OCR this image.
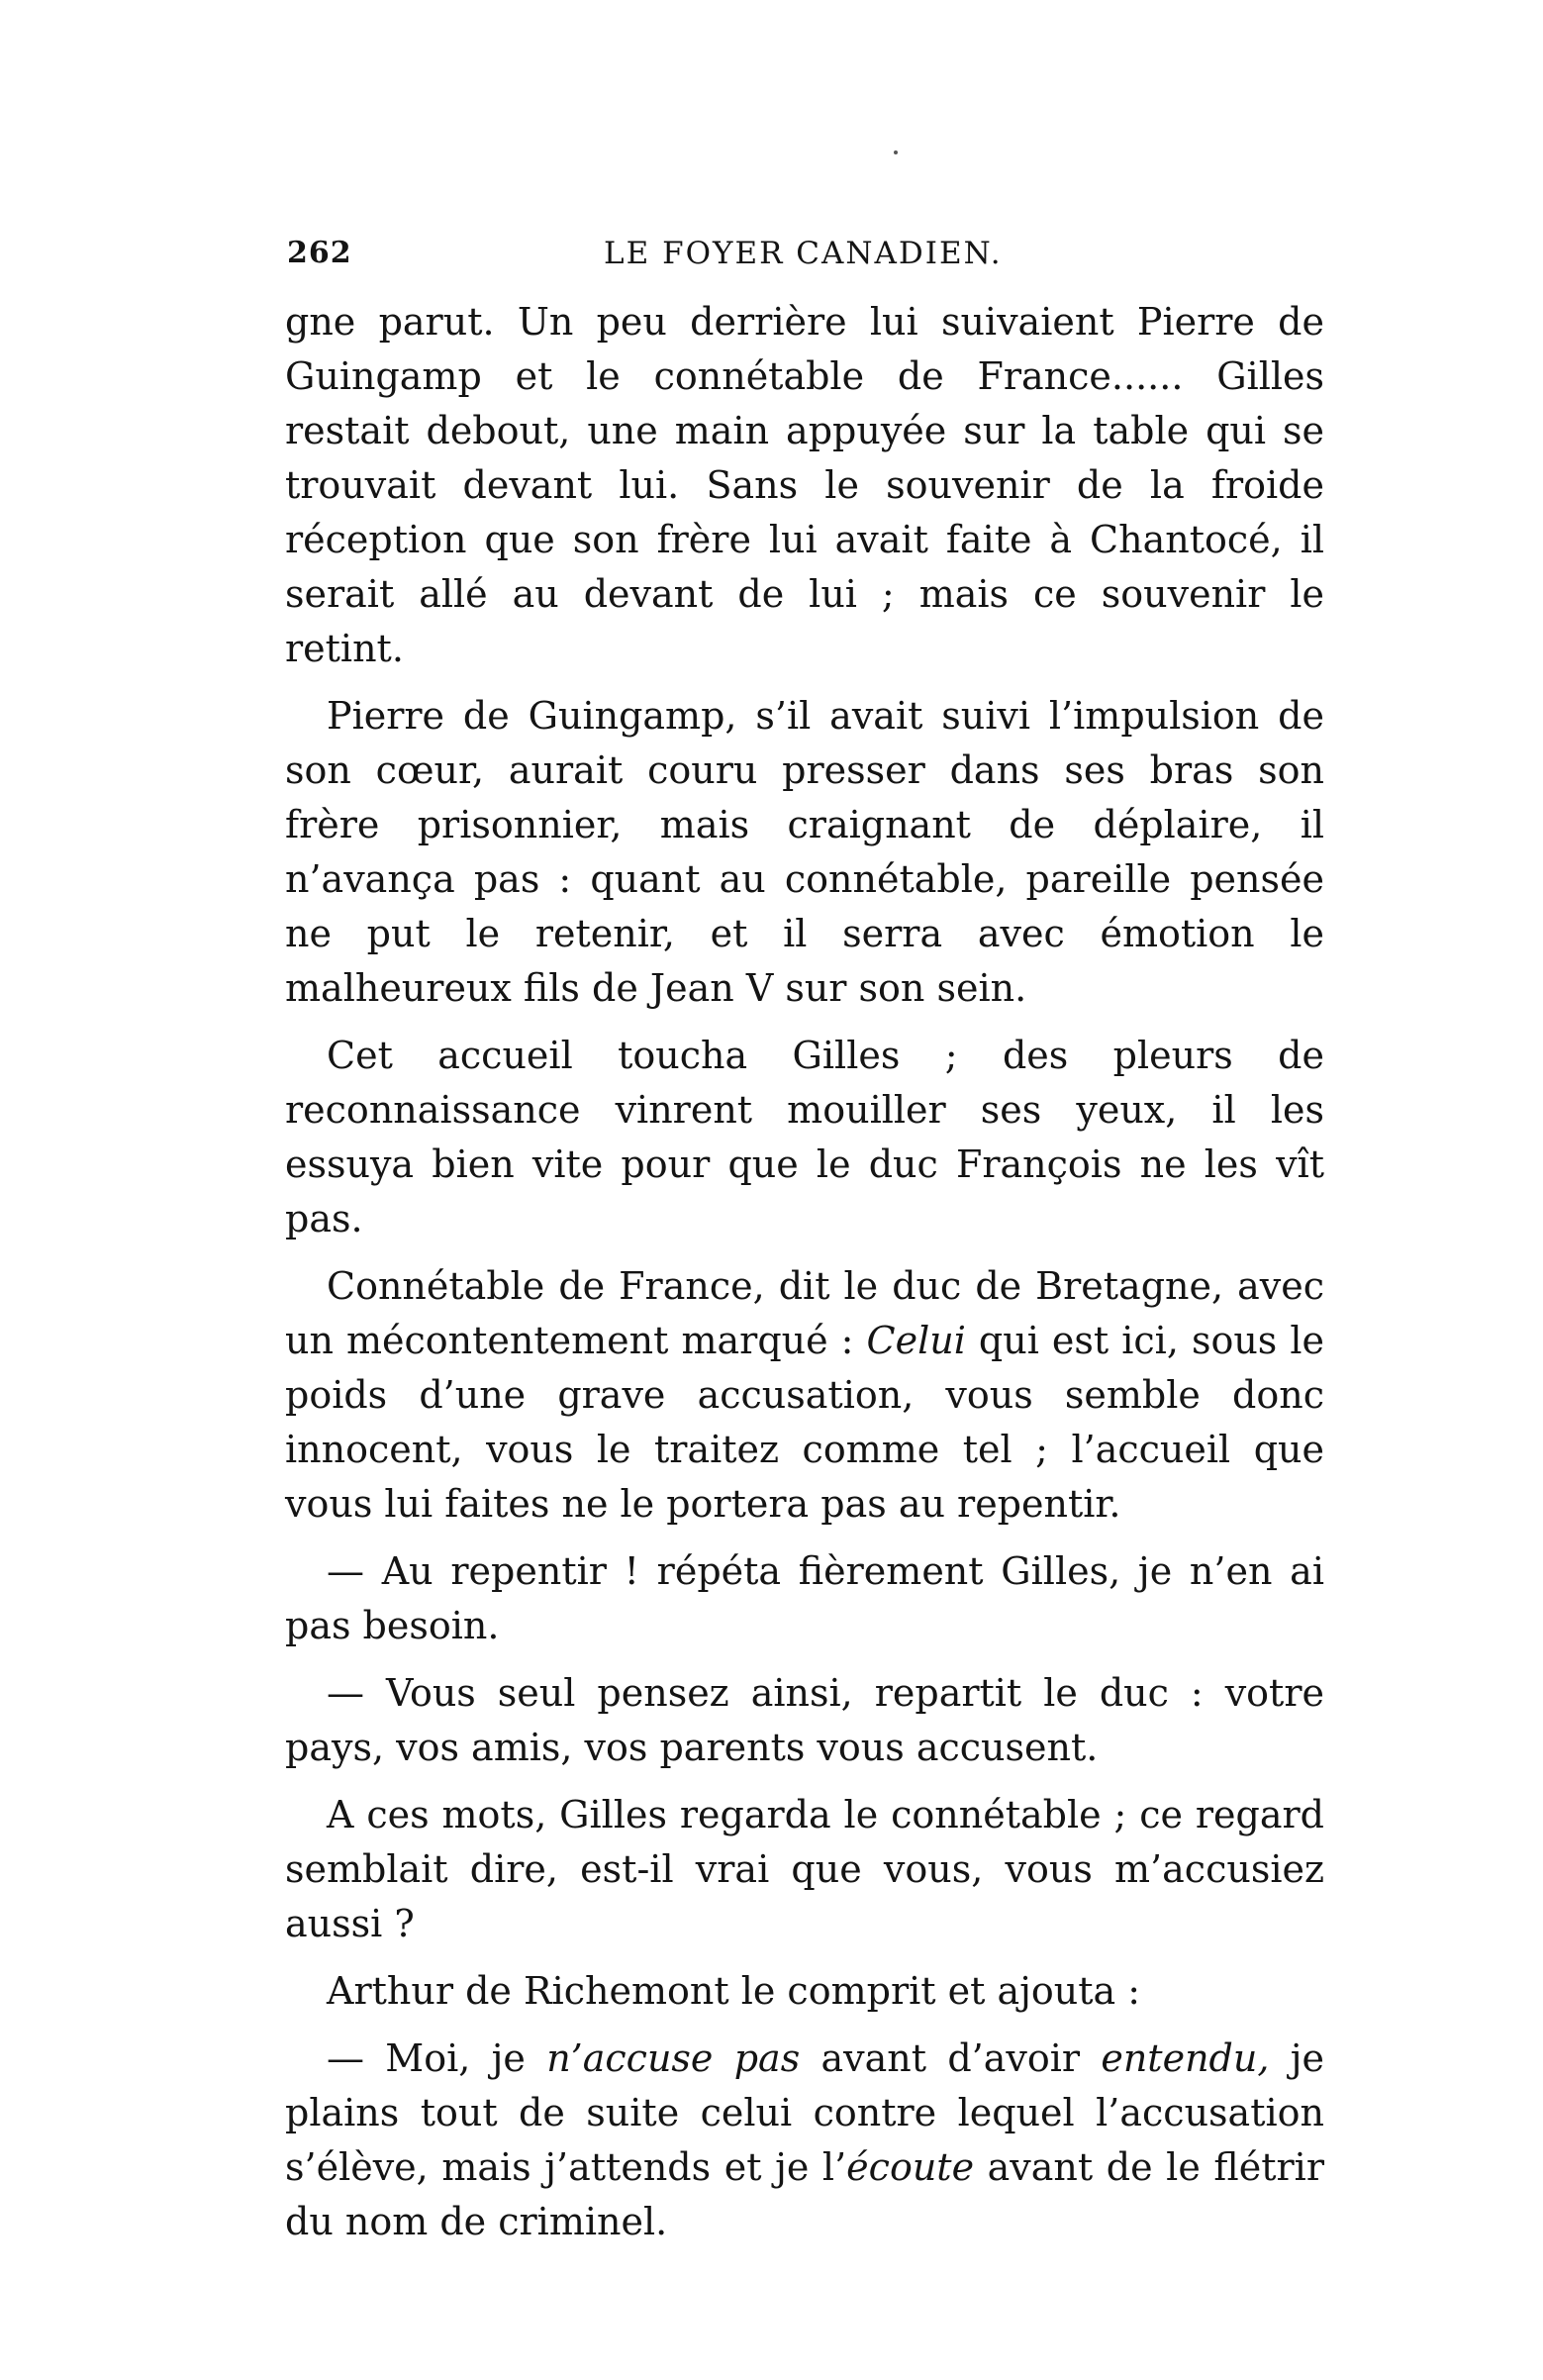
262	LE FOYER CANADIEN.

gne parut. Un peu derrière lui suivaient Pierre de Guingamp et le connétable de France...... Gilles restait debout, une main appuyée sur la table qui se trouvait devant lui. Sans le souvenir de la froide réception que son frère lui avait faite à Chantocé, il serait allé au devant de lui ; mais ce souvenir le retint.

Pierre de Guingamp, s’il avait suivi l’impulsion de son cœur, aurait couru presser dans ses bras son frère prisonnier, mais craignant de déplaire, il n’avança pas : quant au connétable, pareille pensée ne put le retenir, et il serra avec émotion le malheureux fils de Jean V sur son sein.

Cet accueil toucha Gilles ; des pleurs de reconnaissance vinrent mouiller ses yeux, il les essuya bien vite pour que le duc François ne les vît pas.

Connétable de France, dit le duc de Bretagne, avec un mécontentement marqué : Celui qui est ici, sous le poids d’une grave accusation, vous semble donc innocent, vous le traitez comme tel ; l’accueil que vous lui faites ne le portera pas au repentir.

— Au repentir ! répéta fièrement Gilles, je n’en ai pas besoin.

— Vous seul pensez ainsi, repartit le duc : votre pays, vos amis, vos parents vous accusent.

A ces mots, Gilles regarda le connétable ; ce regard semblait dire, est-il vrai que vous, vous m’accusiez aussi ?

Arthur de Richemont le comprit et ajouta :

— Moi, je n’accuse pas avant d’avoir entendu, je plains tout de suite celui contre lequel l’accusation s’élève, mais j’attends et je l’écoute avant de le flétrir du nom de criminel.
